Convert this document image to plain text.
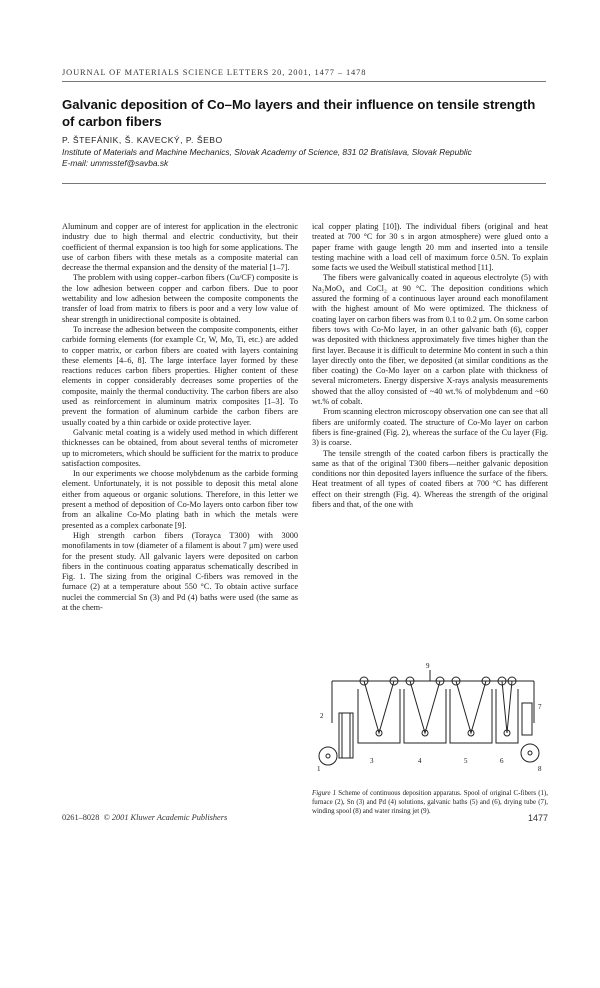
JOURNAL OF MATERIALS SCIENCE LETTERS 20, 2001, 1477 – 1478
Galvanic deposition of Co–Mo layers and their influence on tensile strength of carbon fibers
P. ŠTEFÁNIK, Š. KAVECKÝ, P. ŠEBO
Institute of Materials and Machine Mechanics, Slovak Academy of Science, 831 02 Bratislava, Slovak Republic
E-mail: ummsstef@savba.sk

Aluminum and copper are of interest for application in the electronic industry due to high thermal and electric conductivity, but their coefficient of thermal expansion is too high for some applications. The use of carbon fibers with these metals as a composite material can decrease the thermal expansion and the density of the material [1–7].

The problem with using copper–carbon fibers (Cu/CF) composite is the low adhesion between copper and carbon fibers. Due to poor wettability and low adhesion between the composite components the transfer of load from matrix to fibers is poor and a very low value of shear strength in unidirectional composite is obtained.

To increase the adhesion between the composite components, either carbide forming elements (for example Cr, W, Mo, Ti, etc.) are added to copper matrix, or carbon fibers are coated with layers containing these elements [4–6, 8]. The large interface layer formed by these reactions reduces carbon fibers properties. Higher content of these elements in copper considerably decreases some properties of the composite, mainly the thermal conductivity. The carbon fibers are also used as reinforcement in aluminum matrix composites [1–3]. To prevent the formation of aluminum carbide the carbon fibers are usually coated by a thin carbide or oxide protective layer.

Galvanic metal coating is a widely used method in which different thicknesses can be obtained, from about several tenths of micrometer up to micrometers, which should be sufficient for the matrix to produce satisfaction composites.

In our experiments we choose molybdenum as the carbide forming element. Unfortunately, it is not possible to deposit this metal alone either from aqueous or organic solutions. Therefore, in this letter we present a method of deposition of Co-Mo layers onto carbon fiber tow from an alkaline Co-Mo plating bath in which the metals were presented as a complex carbonate [9].

High strength carbon fibers (Torayca T300) with 3000 monofilaments in tow (diameter of a filament is about 7 μm) were used for the present study. All galvanic layers were deposited on carbon fibers in the continuous coating apparatus schematically described in Fig. 1. The sizing from the original C-fibers was removed in the furnace (2) at a temperature about 550 °C. To obtain active surface nuclei the commercial Sn (3) and Pd (4) baths were used (the same as at the chem-

ical copper plating [10]). The individual fibers (original and heat treated at 700 °C for 30 s in argon atmosphere) were glued onto a paper frame with gauge length 20 mm and inserted into a tensile testing machine with a load cell of maximum force 0.5N. To explain some facts we used the Weibull statistical method [11].

The fibers were galvanically coated in aqueous electrolyte (5) with Na₂MoO₄ and CoCl₂ at 90 °C. The deposition conditions which assured the forming of a continuous layer around each monofilament with the highest amount of Mo were optimized. The thickness of coating layer on carbon fibers was from 0.1 to 0.2 μm. On some carbon fibers tows with Co-Mo layer, in an other galvanic bath (6), copper was deposited with thickness approximately five times higher than the first layer. Because it is difficult to determine Mo content in such a thin layer directly onto the fiber, we deposited (at similar conditions as the fiber coating) the Co-Mo layer on a carbon plate with thickness of several micrometers. Energy dispersive X-rays analysis measurements showed that the alloy consisted of ~40 wt.% of molybdenum and ~60 wt.% of cobalt.

From scanning electron microscopy observation one can see that all fibers are uniformly coated. The structure of Co-Mo layer on carbon fibers is fine-grained (Fig. 2), whereas the surface of the Cu layer (Fig. 3) is coarse.

The tensile strength of the coated carbon fibers is practically the same as that of the original T300 fibers—neither galvanic deposition conditions nor thin deposited layers influence the surface of the fibers. Heat treatment of all types of coated fibers at 700 °C has different effect on their strength (Fig. 4). Whereas the strength of the original fibers and that, of the one with

1
2
3	4	5	6
7
8
9
Figure 1 Scheme of continuous deposition apparatus. Spool of original C-fibers (1), furnace (2), Sn (3) and Pd (4) solutions, galvanic baths (5) and (6), drying tube (7), winding spool (8) and water rinsing jet (9).
0261–8028 © 2001 Kluwer Academic Publishers	1477
